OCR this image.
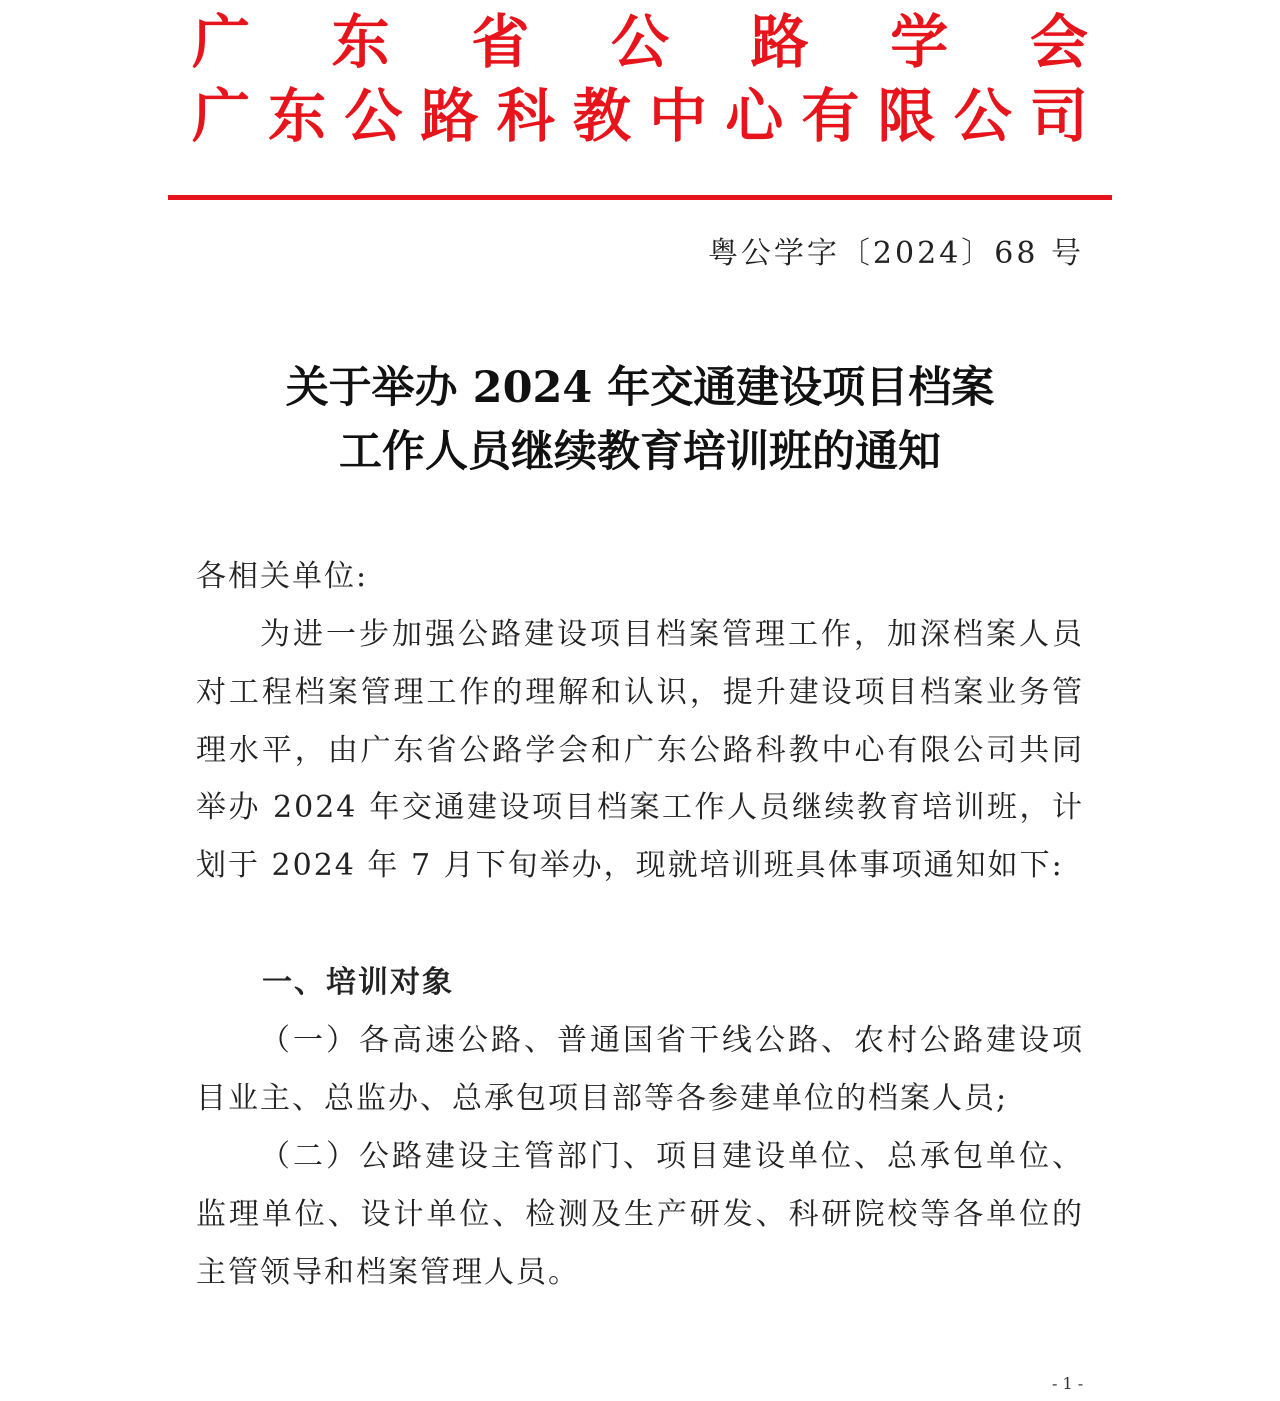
广 东 省 公 路 学 会
广 东 公 路 科 教 中 心 有 限 公 司
粤公学字〔2024〕68 号
关于举办 2024 年交通建设项目档案
工作人员继续教育培训班的通知
各相关单位:
为进一步加强公路建设项目档案管理工作，加深档案人员对工程档案管理工作的理解和认识，提升建设项目档案业务管理水平，由广东省公路学会和广东公路科教中心有限公司共同举办 2024 年交通建设项目档案工作人员继续教育培训班，计划于 2024 年 7 月下旬举办，现就培训班具体事项通知如下:
一、培训对象
（一）各高速公路、普通国省干线公路、农村公路建设项目业主、总监办、总承包项目部等各参建单位的档案人员;
（二）公路建设主管部门、项目建设单位、总承包单位、监理单位、设计单位、检测及生产研发、科研院校等各单位的主管领导和档案管理人员。
- 1 -
